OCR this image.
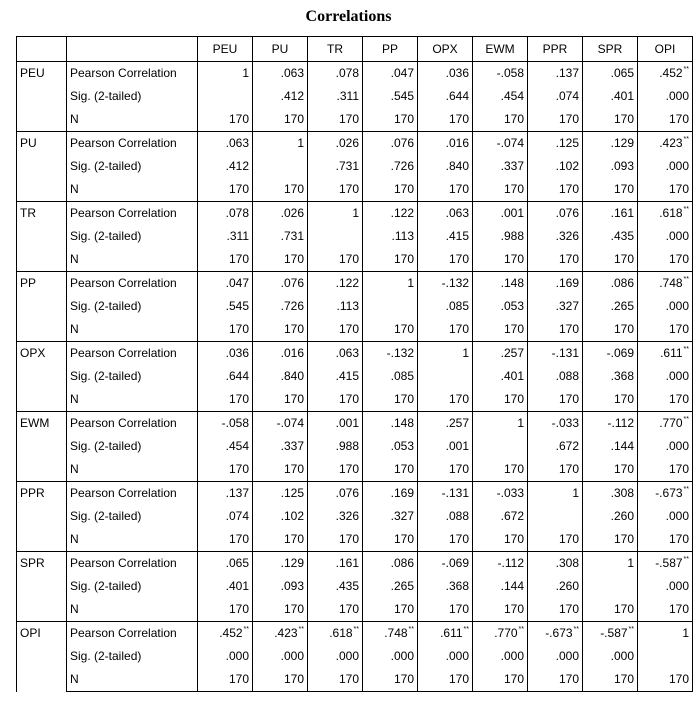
Correlations
		PEU	PU	TR	PP	OPX	EWM	PPR	SPR	OPI
PEU	Pearson Correlation	1	.063	.078	.047	.036	-.058	.137	.065	.452**
	Sig. (2-tailed)		.412	.311	.545	.644	.454	.074	.401	.000
	N	170	170	170	170	170	170	170	170	170
PU	Pearson Correlation	.063	1	.026	.076	.016	-.074	.125	.129	.423**
	Sig. (2-tailed)	.412		.731	.726	.840	.337	.102	.093	.000
	N	170	170	170	170	170	170	170	170	170
TR	Pearson Correlation	.078	.026	1	.122	.063	.001	.076	.161	.618**
	Sig. (2-tailed)	.311	.731		.113	.415	.988	.326	.435	.000
	N	170	170	170	170	170	170	170	170	170
PP	Pearson Correlation	.047	.076	.122	1	-.132	.148	.169	.086	.748**
	Sig. (2-tailed)	.545	.726	.113		.085	.053	.327	.265	.000
	N	170	170	170	170	170	170	170	170	170
OPX	Pearson Correlation	.036	.016	.063	-.132	1	.257	-.131	-.069	.611**
	Sig. (2-tailed)	.644	.840	.415	.085		.401	.088	.368	.000
	N	170	170	170	170	170	170	170	170	170
EWM	Pearson Correlation	-.058	-.074	.001	.148	.257	1	-.033	-.112	.770**
	Sig. (2-tailed)	.454	.337	.988	.053	.001		.672	.144	.000
	N	170	170	170	170	170	170	170	170	170
PPR	Pearson Correlation	.137	.125	.076	.169	-.131	-.033	1	.308	-.673**
	Sig. (2-tailed)	.074	.102	.326	.327	.088	.672		.260	.000
	N	170	170	170	170	170	170	170	170	170
SPR	Pearson Correlation	.065	.129	.161	.086	-.069	-.112	.308	1	-.587**
	Sig. (2-tailed)	.401	.093	.435	.265	.368	.144	.260		.000
	N	170	170	170	170	170	170	170	170	170
OPI	Pearson Correlation	.452**	.423**	.618**	.748**	.611**	.770**	-.673**	-.587**	1
	Sig. (2-tailed)	.000	.000	.000	.000	.000	.000	.000	.000	
	N	170	170	170	170	170	170	170	170	170
